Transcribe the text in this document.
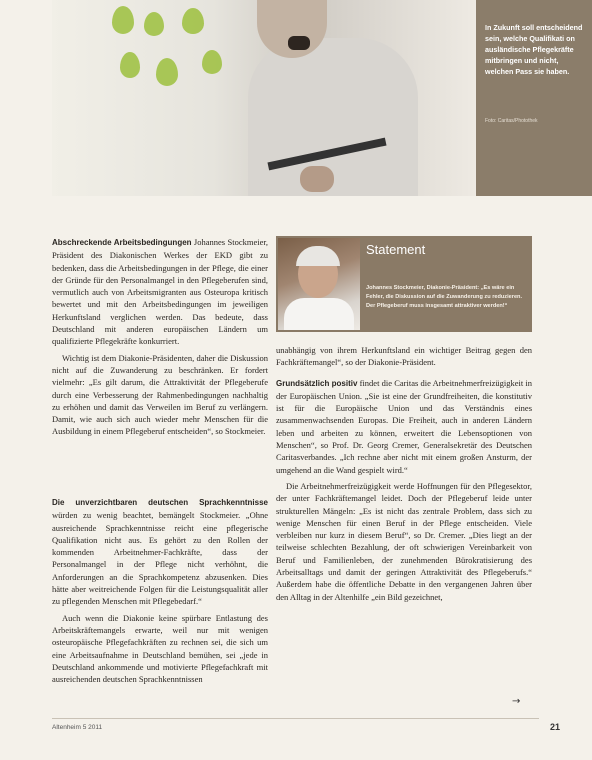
In Zukunft soll entscheidend sein, welche Qualifikati on ausländische Pflegekräfte mitbringen und nicht, welchen Pass sie haben.
Foto: Caritas/Photothek

Abschreckende Arbeitsbedingungen Johannes Stockmeier, Präsident des Diakonischen Werkes der EKD gibt zu bedenken, dass die Arbeitsbedingungen in der Pflege, die einer der Gründe für den Personalmangel in den Pflegeberufen sind, vermutlich auch von Arbeitsmigranten aus Osteuropa kritisch bewertet und mit den Arbeitsbedingungen im jeweiligen Herkunftsland verglichen werden. Das bedeute, dass Deutschland mit anderen europäischen Ländern um qualifizierte Pflegekräfte konkurriert.

Wichtig ist dem Diakonie-Präsidenten, daher die Diskussion nicht auf die Zuwanderung zu beschränken. Er fordert vielmehr: „Es gilt darum, die Attraktivität der Pflegeberufe durch eine Verbesserung der Rahmenbedingungen nachhaltig zu erhöhen und damit das Verweilen im Beruf zu verlängern. Damit, wie auch sich auch wieder mehr Menschen für die Ausbildung in einem Pflegeberuf entscheiden“, so Stockmeier.

Die unverzichtbaren deutschen Sprachkenntnisse würden zu wenig beachtet, bemängelt Stockmeier. „Ohne ausreichende Sprachkenntnisse reicht eine pflegerische Qualifikation nicht aus. Es gehört zu den Rollen der kommenden Arbeitnehmer-Fachkräfte, dass der Personalmangel in der Pflege nicht verhöhnt, die Anforderungen an die Sprachkompetenz abzusenken. Dies hätte aber weitreichende Folgen für die Leistungsqualität aller zu pflegenden Menschen mit Pflegebedarf.“

Auch wenn die Diakonie keine spürbare Entlastung des Arbeitskräftemangels erwarte, weil nur mit wenigen osteuropäische Pflegefachkräften zu rechnen sei, die sich um eine Arbeitsaufnahme in Deutschland bemühen, sei „jede in Deutschland ankommende und motivierte Pflegefachkraft mit ausreichenden deutschen Sprachkenntnissen

Statement
Johannes Stockmeier, Diakonie-Präsident: „Es wäre ein Fehler, die Diskussion auf die Zuwanderung zu reduzieren. Der Pflegeberuf muss insgesamt attraktiver werden!“

unabhängig von ihrem Herkunftsland ein wichtiger Beitrag gegen den Fachkräftemangel“, so der Diakonie-Präsident.

Grundsätzlich positiv findet die Caritas die Arbeitnehmerfreizügigkeit in der Europäischen Union. „Sie ist eine der Grundfreiheiten, die konstitutiv ist für die Europäische Union und das Verständnis eines zusammenwachsenden Europas. Die Freiheit, auch in anderen Ländern leben und arbeiten zu können, erweitert die Lebensoptionen von Menschen“, so Prof. Dr. Georg Cremer, Generalsekretär des Deutschen Caritasverbandes. „Ich rechne aber nicht mit einem großen Ansturm, der umgehend an die Wand gespielt wird.“

Die Arbeitnehmerfreizügigkeit werde Hoffnungen für den Pflegesektor, der unter Fachkräftemangel leidet. Doch der Pflegeberuf leide unter strukturellen Mängeln: „Es ist nicht das zentrale Problem, dass sich zu wenige Menschen für einen Beruf in der Pflege entscheiden. Viele verbleiben nur kurz in diesem Beruf“, so Dr. Cremer. „Dies liegt an der teilweise schlechten Bezahlung, der oft schwierigen Vereinbarkeit von Beruf und Familienleben, der zunehmenden Bürokratisierung des Arbeitsalltags und damit der geringen Attraktivität des Pflegeberufs.“ Außerdem habe die öffentliche Debatte in den vergangenen Jahren über den Alltag in der Altenhilfe „ein Bild gezeichnet,

→
Altenheim 5 2011	21
